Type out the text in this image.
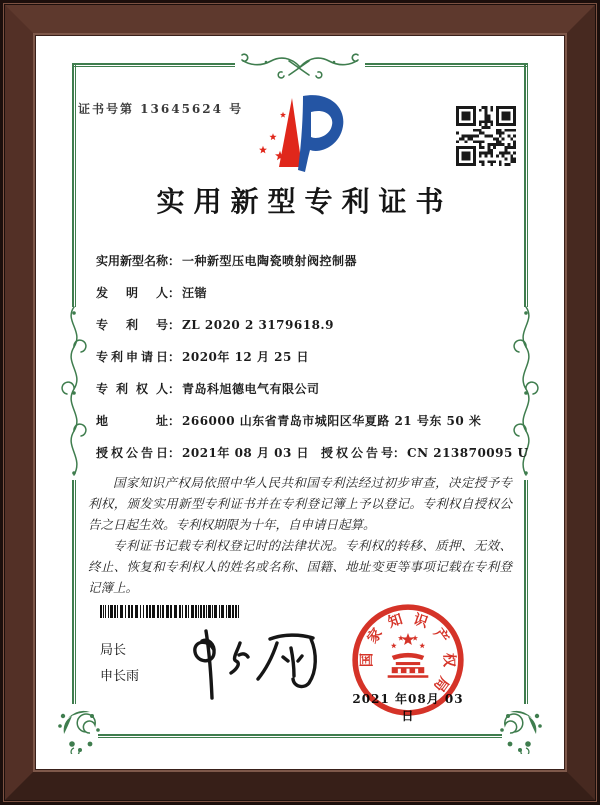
证书号第 13645624 号
实用新型专利证书
实用新型名称： 一种新型压电陶瓷喷射阀控制器
发明人： 汪锴
专利号： ZL 2020 2 3179618.9
专利申请日： 2020年 12 月 25 日
专利权人： 青岛科旭德电气有限公司
地址： 266000 山东省青岛市城阳区华夏路 21 号东 50 米
授权公告日： 2021年 08 月 03 日 授权公告号： CN 213870095 U

国家知识产权局依照中华人民共和国专利法经过初步审查，决定授予专利权，颁发实用新型专利证书并在专利登记簿上予以登记。专利权自授权公告之日起生效。专利权期限为十年，自申请日起算。

专利证书记载专利权登记时的法律状况。专利权的转移、质押、无效、终止、恢复和专利权人的姓名或名称、国籍、地址变更等事项记载在专利登记簿上。

局长
申长雨
2021 年08月 03日
国
家
知 识
产
权
局
